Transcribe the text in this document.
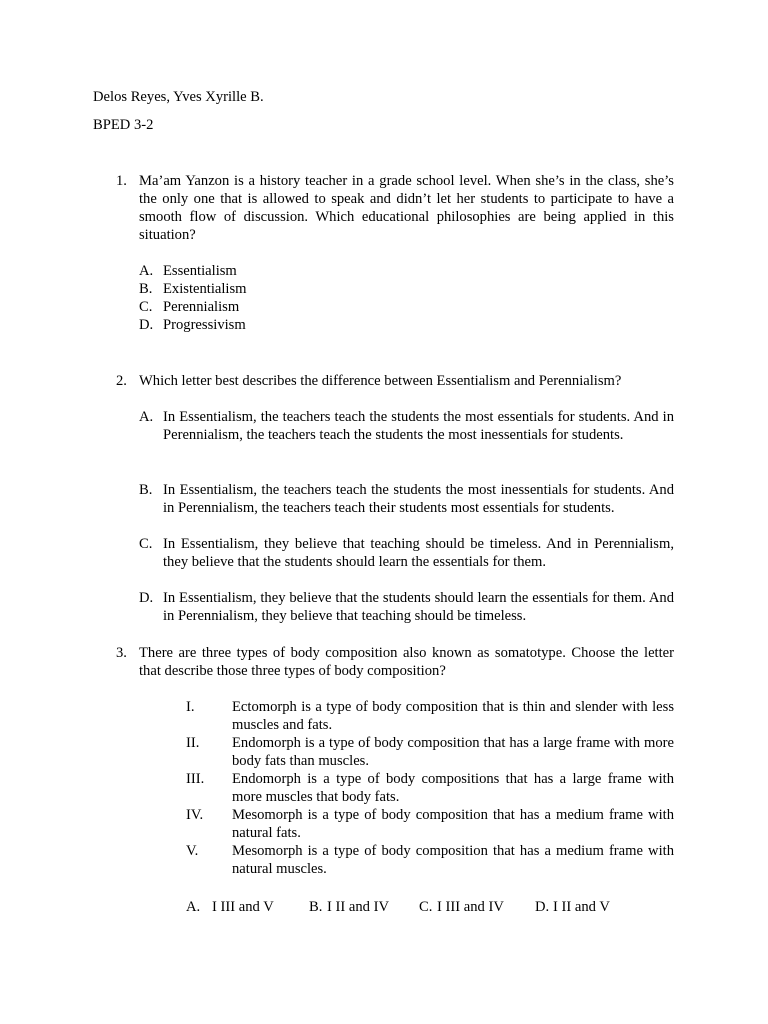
Delos Reyes, Yves Xyrille B.
BPED 3-2
1. Ma’am Yanzon is a history teacher in a grade school level. When she’s in the class, she’s the only one that is allowed to speak and didn’t let her students to participate to have a smooth flow of discussion. Which educational philosophies are being applied in this situation?
A. Essentialism
B. Existentialism
C. Perennialism
D. Progressivism
2. Which letter best describes the difference between Essentialism and Perennialism?
A. In Essentialism, the teachers teach the students the most essentials for students. And in Perennialism, the teachers teach the students the most inessentials for students.
B. In Essentialism, the teachers teach the students the most inessentials for students. And in Perennialism, the teachers teach their students most essentials for students.
C. In Essentialism, they believe that teaching should be timeless. And in Perennialism, they believe that the students should learn the essentials for them.
D. In Essentialism, they believe that the students should learn the essentials for them. And in Perennialism, they believe that teaching should be timeless.
3. There are three types of body composition also known as somatotype. Choose the letter that describe those three types of body composition?
I.	Ectomorph is a type of body composition that is thin and slender with less muscles and fats.
II. Endomorph is a type of body composition that has a large frame with more body fats than muscles.
III. Endomorph is a type of body compositions that has a large frame with more muscles that body fats.
IV. Mesomorph is a type of body composition that has a medium frame with natural fats.
V. Mesomorph is a type of body composition that has a medium frame with natural muscles.
A. I III and V B. I II and IV C. I III and IV D. I II and V
